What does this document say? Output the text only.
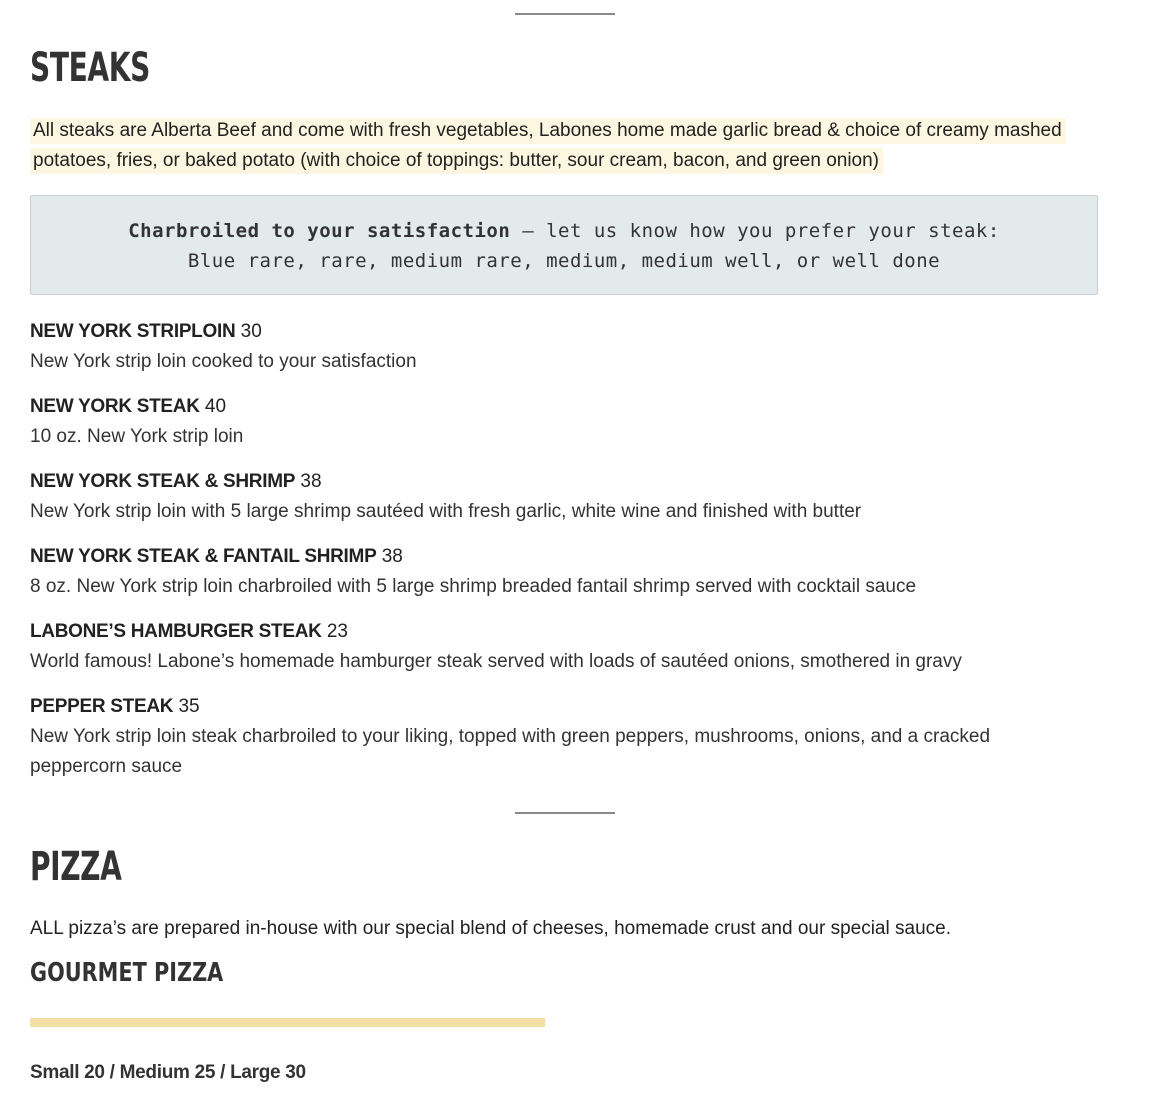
STEAKS

All steaks are Alberta Beef and come with fresh vegetables, Labones home made garlic bread & choice of creamy mashed potatoes, fries, or baked potato (with choice of toppings: butter, sour cream, bacon, and green onion)

Charbroiled to your satisfaction – let us know how you prefer your steak:
Blue rare, rare, medium rare, medium, medium well, or well done
NEW YORK STRIPLOIN 30
New York strip loin cooked to your satisfaction
NEW YORK STEAK 40
10 oz. New York strip loin
NEW YORK STEAK & SHRIMP 38
New York strip loin with 5 large shrimp sautéed with fresh garlic, white wine and finished with butter
NEW YORK STEAK & FANTAIL SHRIMP 38
8 oz. New York strip loin charbroiled with 5 large shrimp breaded fantail shrimp served with cocktail sauce
LABONE’S HAMBURGER STEAK 23
World famous! Labone’s homemade hamburger steak served with loads of sautéed onions, smothered in gravy
PEPPER STEAK 35
New York strip loin steak charbroiled to your liking, topped with green peppers, mushrooms, onions, and a cracked peppercorn sauce
PIZZA

ALL pizza’s are prepared in-house with our special blend of cheeses, homemade crust and our special sauce.

GOURMET PIZZA
Small 20 / Medium 25 / Large 30
